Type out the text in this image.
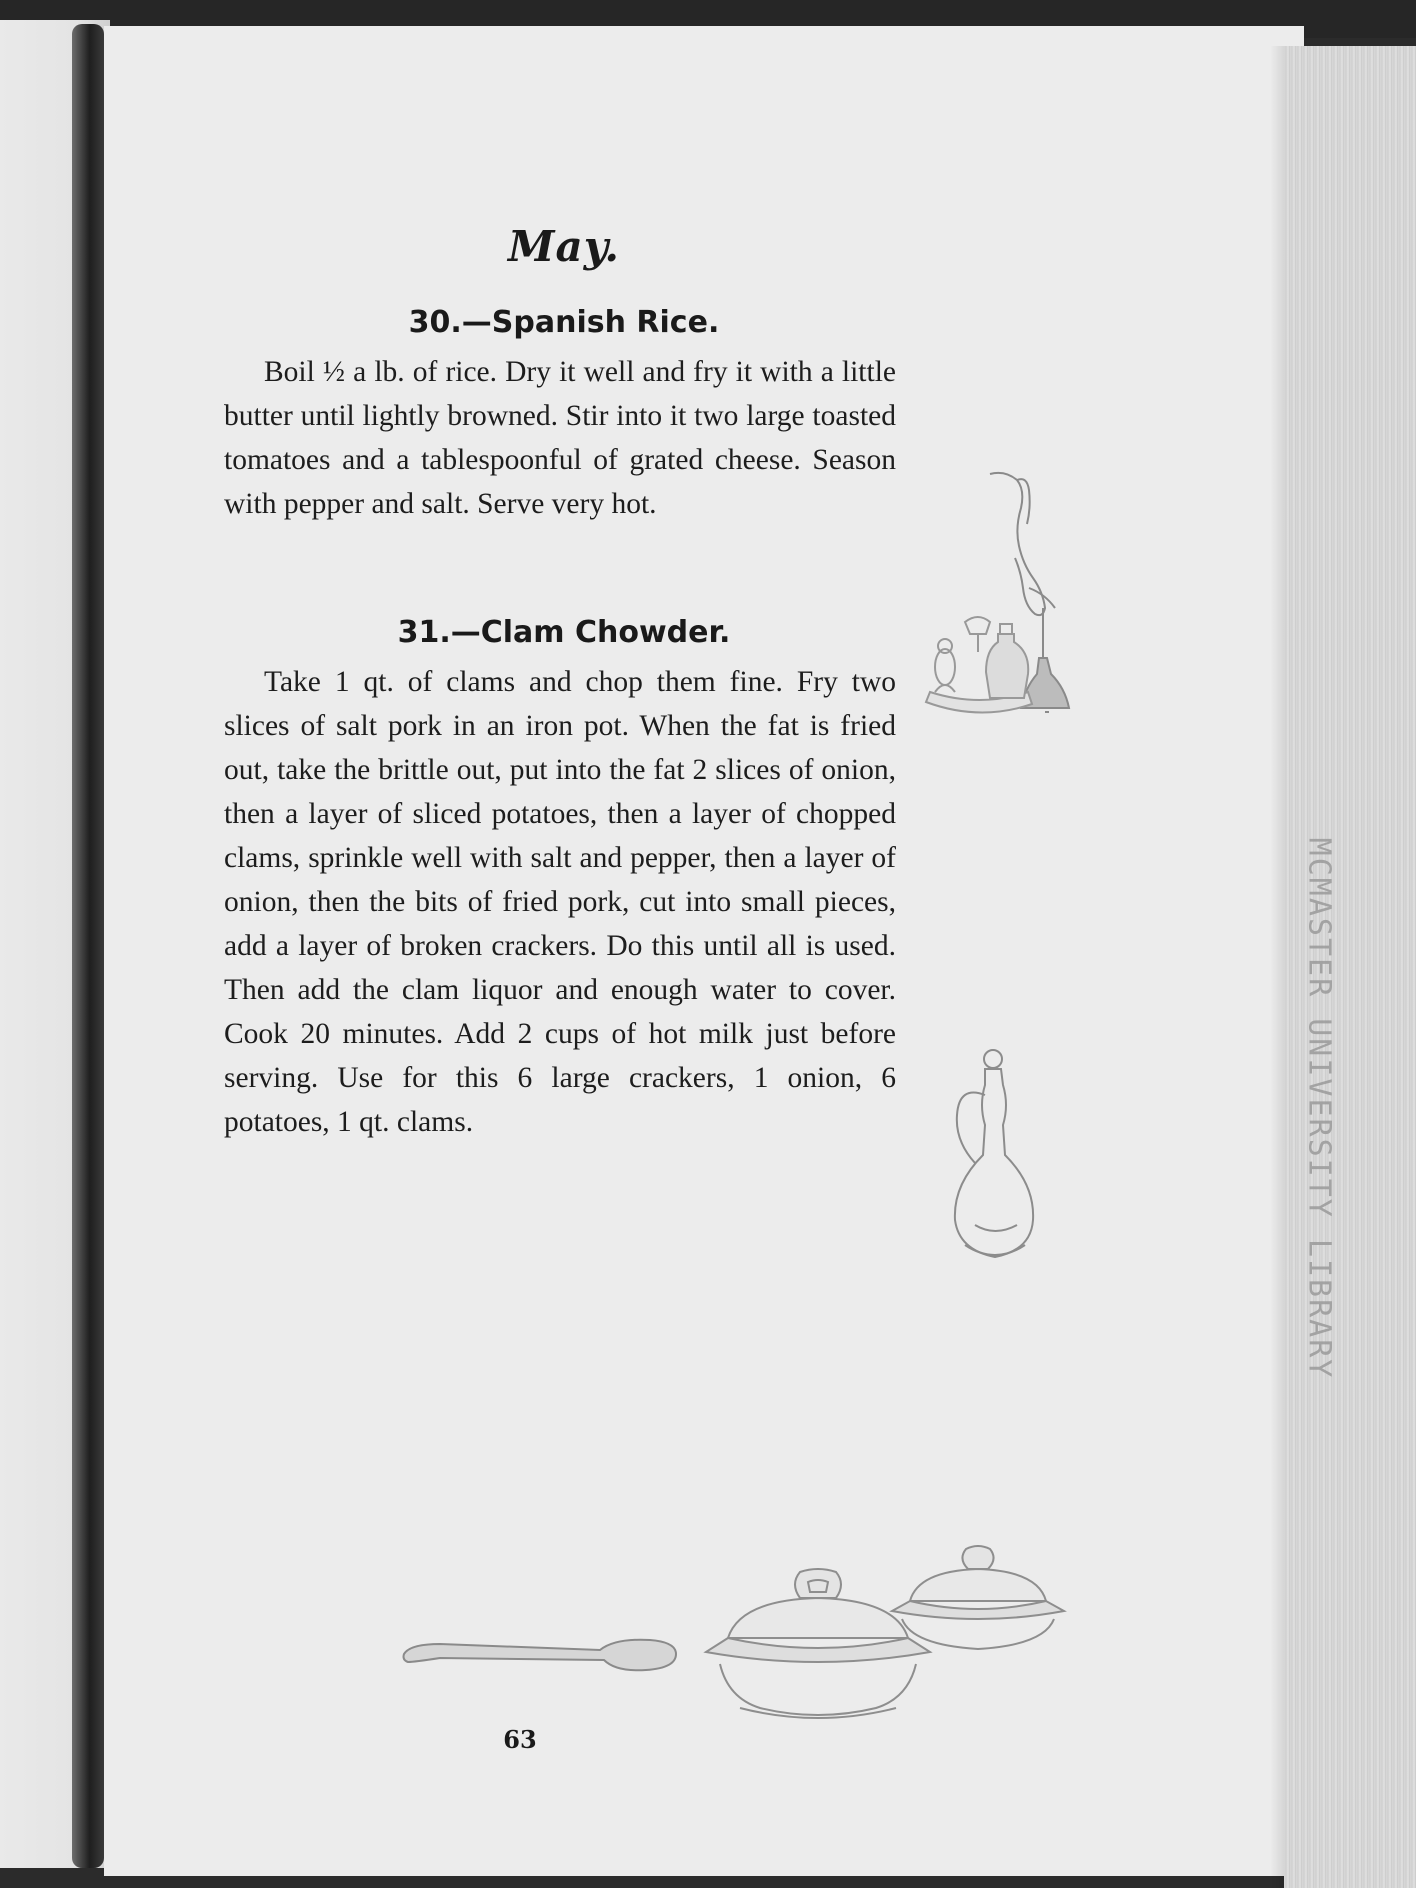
MCMASTER UNIVERSITY LIBRARY
May.
30.—Spanish Rice.
Boil ½ a lb. of rice. Dry it well and fry it with a little butter until lightly browned. Stir into it two large toasted tomatoes and a tablespoonful of grated cheese. Season with pepper and salt. Serve very hot.
31.—Clam Chowder.
Take 1 qt. of clams and chop them fine. Fry two slices of salt pork in an iron pot. When the fat is fried out, take the brittle out, put into the fat 2 slices of onion, then a layer of sliced potatoes, then a layer of chopped clams, sprinkle well with salt and pepper, then a layer of onion, then the bits of fried pork, cut into small pieces, add a layer of broken crackers. Do this until all is used. Then add the clam liquor and enough water to cover. Cook 20 minutes. Add 2 cups of hot milk just before serving. Use for this 6 large crackers, 1 onion, 6 potatoes, 1 qt. clams.
63
